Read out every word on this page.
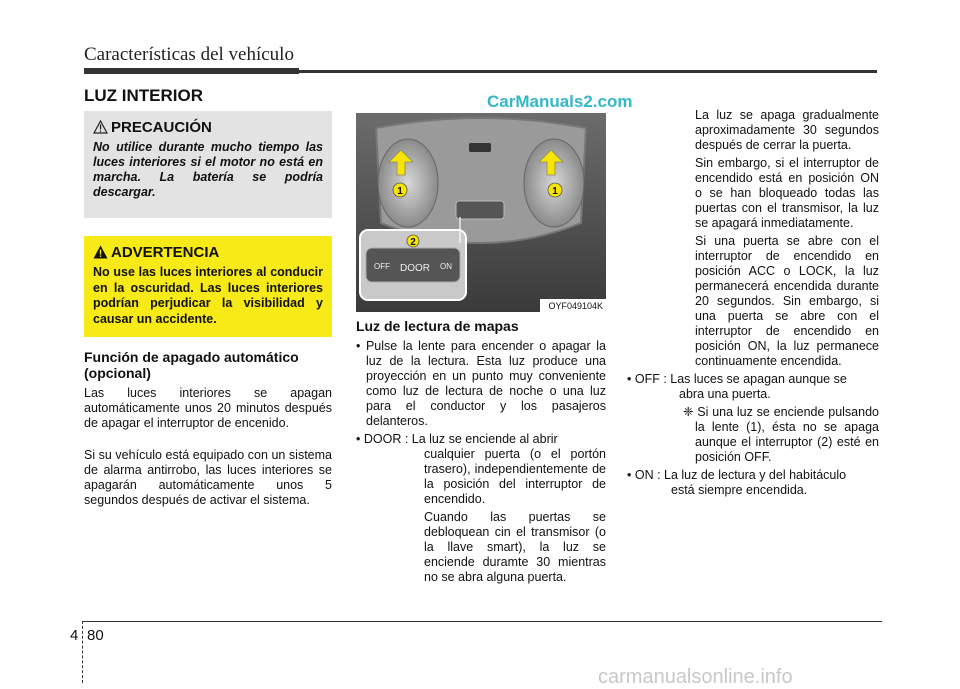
Características del vehículo
LUZ INTERIOR	CarManuals2.com
PRECAUCIÓN
No utilice durante mucho tiempo las luces interiores si el motor no está en marcha. La batería se podría descargar.
ADVERTENCIA
No use las luces interiores al conducir en la oscuridad. Las luces interiores podrían perjudicar la visibilidad y causar un accidente.
Función de apagado automático (opcional)
Las luces interiores se apagan automáticamente unos 20 minutos después de apagar el interruptor de encenido.
Si su vehículo está equipado con un sistema de alarma antirrobo, las luces interiores se apagarán automáticamente unos 5 segundos después de activar el sistema.
1	1
2
OFF DOOR ON
OYF049104K
Luz de lectura de mapas
• Pulse la lente para encender o apagar la luz de la lectura. Esta luz produce una proyección en un punto muy conveniente como luz de lectura de noche o una luz para el conductor y los pasajeros delanteros.
• DOOR : La luz se enciende al abrir
cualquier puerta (o el portón trasero), independientemente de la posición del interruptor de encendido.
Cuando las puertas se debloquean cin el transmisor (o la llave smart), la luz se enciende duramte 30 mientras no se abra alguna puerta.
La luz se apaga gradualmente aproximadamente 30 segundos después de cerrar la puerta.
Sin embargo, si el interruptor de encendido está en posición ON o se han bloqueado todas las puertas con el transmisor, la luz se apagará inmediatamente.
Si una puerta se abre con el interruptor de encendido en posición ACC o LOCK, la luz permanecerá encendida durante 20 segundos. Sin embargo, si una puerta se abre con el interruptor de encendido en posición ON, la luz permanece continuamente encendida.
• OFF : Las luces se apagan aunque se
abra una puerta.
❈ Si una luz se enciende pulsando la lente (1), ésta no se apaga aunque el interruptor (2) esté en posición OFF.
• ON : La luz de lectura y del habitáculo
está siempre encendida.
4 80
carmanualsonline.info
